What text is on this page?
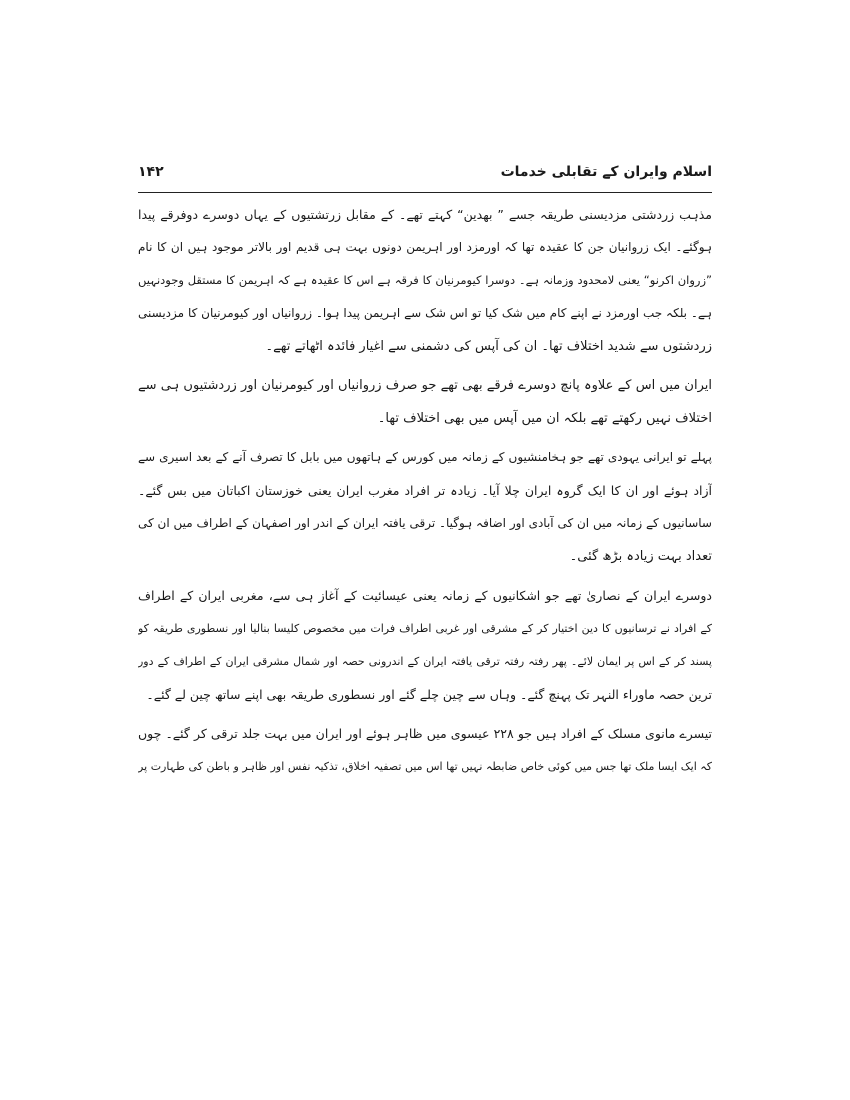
اسلام وایران کے تقابلی خدمات
۱۴۲
مذہب زردشتی مزدیسنی طریقہ جسے ” بھدین“ کہتے تھے۔ کے مقابل زرتشتیوں کے یہاں دوسرے دوفرقے پیدا
ہوگئے۔ ایک زروانیان جن کا عقیدہ تھا کہ اورمزد اور اہریمن دونوں بہت ہی قدیم اور بالاتر موجود ہیں ان کا نام
”زروان اکرنو“ یعنی لامحدود وزمانہ ہے۔ دوسرا کیومرنیان کا فرقہ ہے اس کا عقیدہ ہے کہ اہریمن کا مستقل وجودنہیں
ہے۔ بلکہ جب اورمزد نے اپنے کام میں شک کیا تو اس شک سے اہریمن پیدا ہوا۔ زروانیاں اور کیومرنیان کا مزدیسنی
زردشتوں سے شدید اختلاف تھا۔ ان کی آپس کی دشمنی سے اغیار فائدہ اٹھاتے تھے۔
ایران میں اس کے علاوہ پانچ دوسرے فرقے بھی تھے جو صرف زروانیاں اور کیومرنیان اور زردشتیوں ہی سے
اختلاف نہیں رکھتے تھے بلکہ ان میں آپس میں بھی اختلاف تھا۔
پہلے تو ایرانی یہودی تھے جو ہخامنشیوں کے زمانہ میں کورس کے ہاتھوں میں بابل کا تصرف آنے کے بعد اسیری سے
آزاد ہوئے اور ان کا ایک گروہ ایران چلا آیا۔ زیادہ تر افراد مغرب ایران یعنی خوزستان اکباتان میں بس گئے۔
ساسانیوں کے زمانہ میں ان کی آبادی اور اضافہ ہوگیا۔ ترقی یافتہ ایران کے اندر اور اصفہان کے اطراف میں ان کی
تعداد بہت زیادہ بڑھ گئی۔
دوسرے ایران کے نصاریٰ تھے جو اشکانیوں کے زمانہ یعنی عیسائیت کے آغاز ہی سے، مغربی ایران کے اطراف
کے افراد نے ترسانیوں کا دین اختیار کر کے مشرقی اور غربی اطراف فرات میں مخصوص کلیسا بنالیا اور نسطوری طریقہ کو
پسند کر کے اس پر ایمان لائے۔ پھر رفتہ رفتہ ترقی یافتہ ایران کے اندرونی حصہ اور شمال مشرقی ایران کے اطراف کے دور
ترین حصہ ماوراء النہر تک پہنچ گئے۔ وہاں سے چین چلے گئے اور نسطوری طریقہ بھی اپنے ساتھ چین لے گئے۔
تیسرے مانوی مسلک کے افراد ہیں جو ۲۲۸ عیسوی میں ظاہر ہوئے اور ایران میں بہت جلد ترقی کر گئے۔ چوں
کہ ایک ایسا ملک تھا جس میں کوئی خاص ضابطہ نہیں تھا اس میں تصفیہ اخلاق، تذکیہ نفس اور ظاہر و باطن کی طہارت پر
